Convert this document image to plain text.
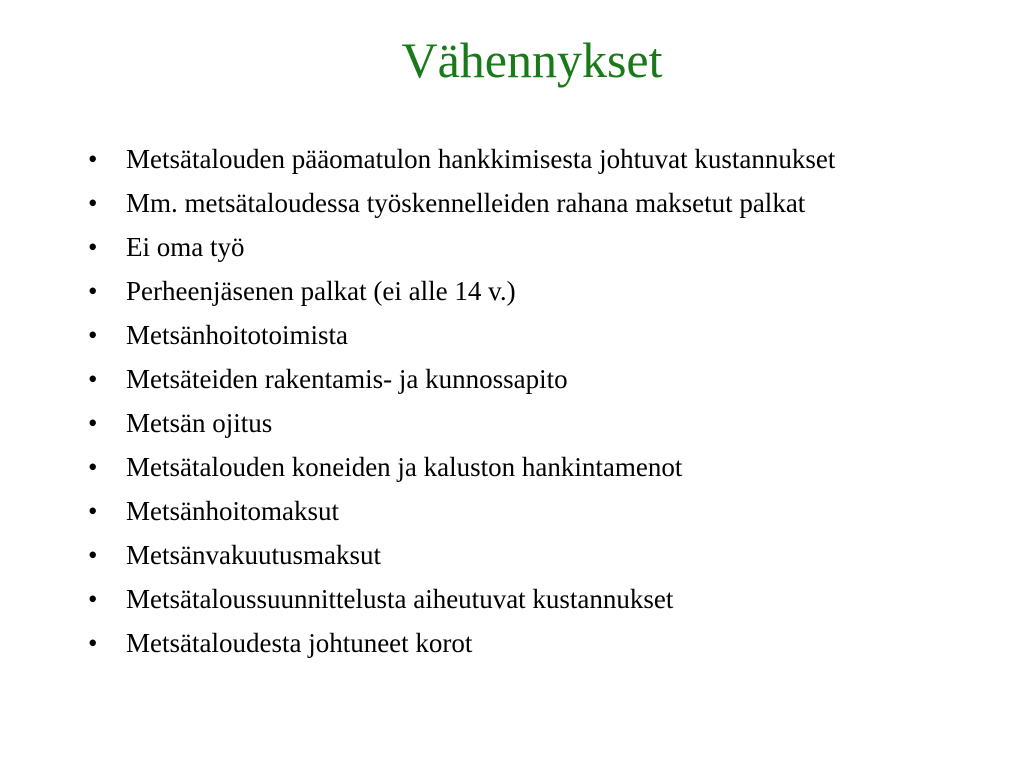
Vähennykset
•	Metsätalouden pääomatulon hankkimisesta johtuvat kustannukset
•	Mm. metsätaloudessa työskennelleiden rahana maksetut palkat
•	Ei oma työ
•	Perheenjäsenen palkat (ei alle 14 v.)
•	Metsänhoitotoimista
•	Metsäteiden rakentamis- ja kunnossapito
•	Metsän ojitus
•	Metsätalouden koneiden ja kaluston hankintamenot
•	Metsänhoitomaksut
•	Metsänvakuutusmaksut
•	Metsätaloussuunnittelusta aiheutuvat kustannukset
•	Metsätaloudesta johtuneet korot
